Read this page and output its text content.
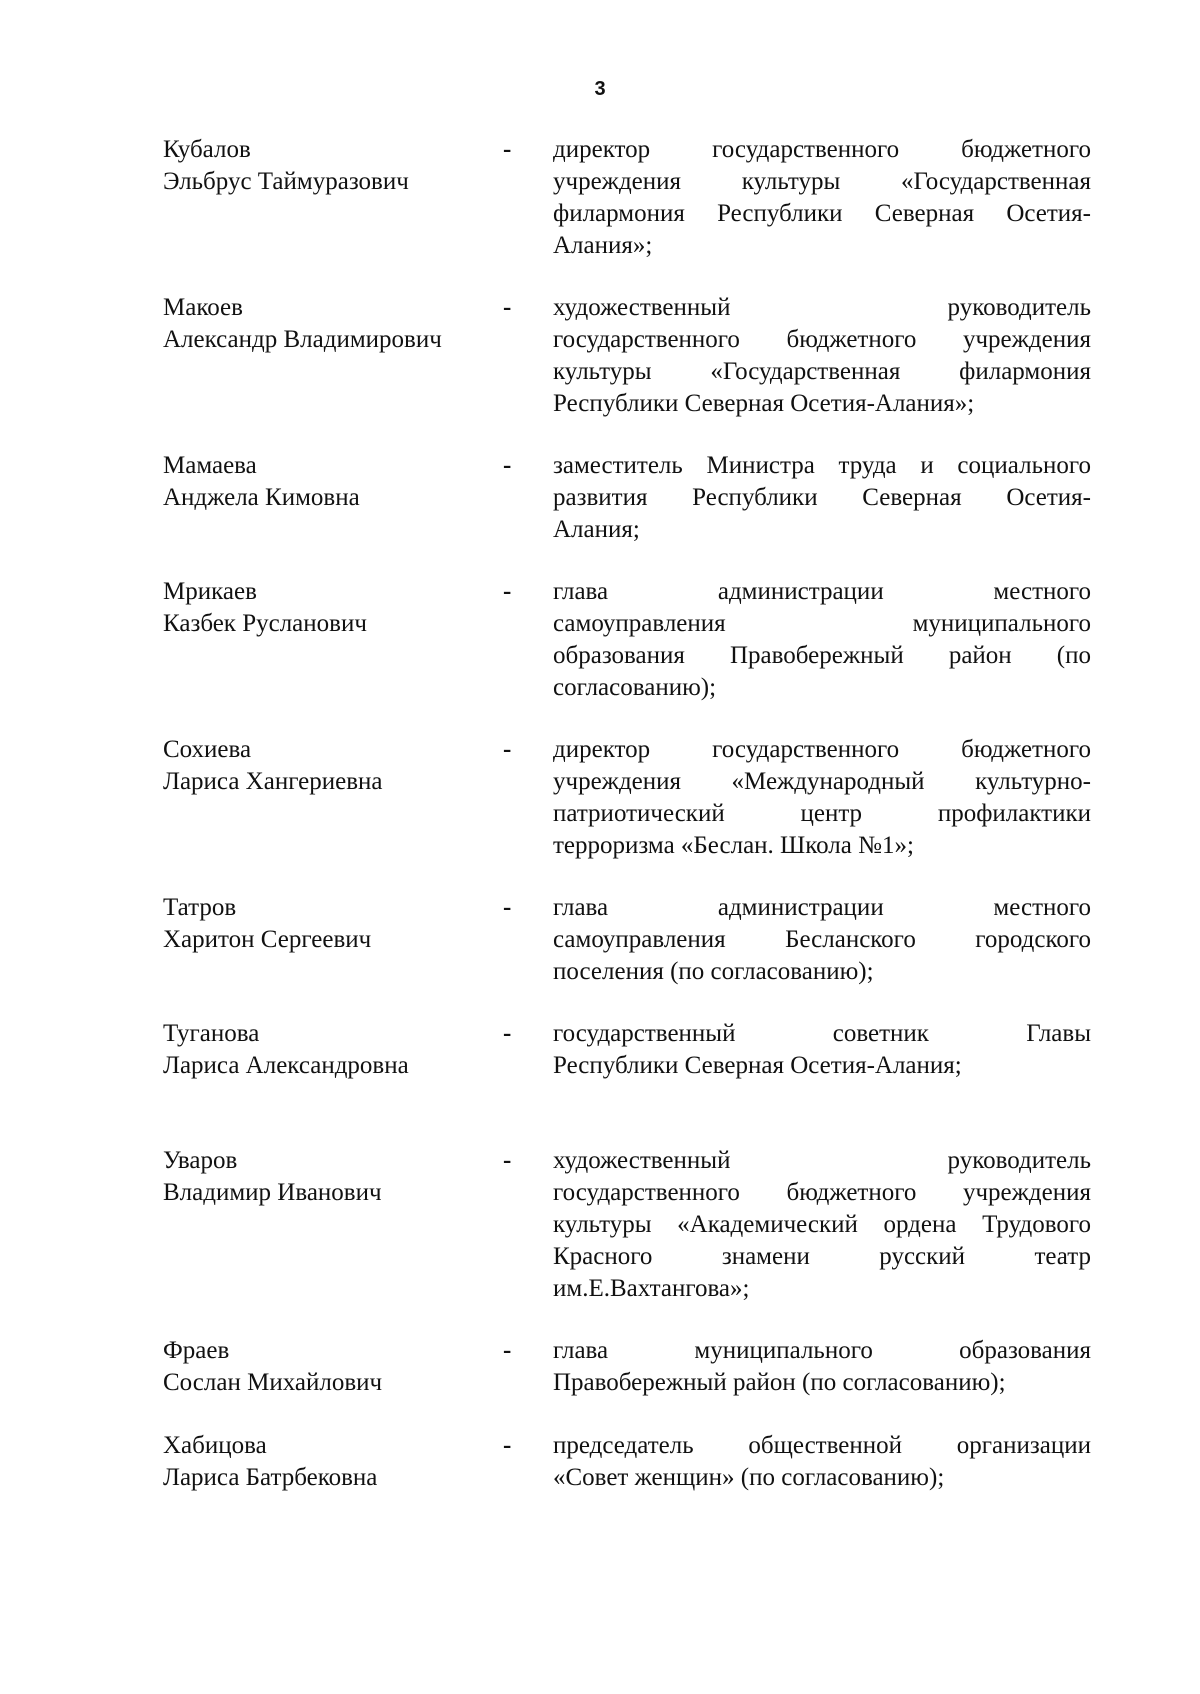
3
Кубалов
Эльбрус Таймуразович
- директор государственного бюджетного
учреждения культуры «Государственная
филармония Республики Северная Осетия-
Алания»;
Макоев
Александр Владимирович
- художественный руководитель
государственного бюджетного учреждения
культуры «Государственная филармония
Республики Северная Осетия-Алания»;
Мамаева
Анджела Кимовна
- заместитель Министра труда и социального
развития Республики Северная Осетия-
Алания;
Мрикаев
Казбек Русланович
- глава администрации местного
самоуправления муниципального
образования Правобережный район (по
согласованию);
Сохиева
Лариса Хангериевна
- директор государственного бюджетного
учреждения «Международный культурно-
патриотический центр профилактики
терроризма «Беслан. Школа №1»;
Татров
Харитон Сергеевич
- глава администрации местного
самоуправления Бесланского городского
поселения (по согласованию);
Туганова
Лариса Александровна
- государственный советник Главы
Республики Северная Осетия-Алания;
Уваров
Владимир Иванович
- художественный руководитель
государственного бюджетного учреждения
культуры «Академический ордена Трудового
Красного знамени русский театр
им.Е.Вахтангова»;
Фраев
Сослан Михайлович
- глава муниципального образования
Правобережный район (по согласованию);
Хабицова
Лариса Батрбековна
- председатель общественной организации
«Совет женщин» (по согласованию);
